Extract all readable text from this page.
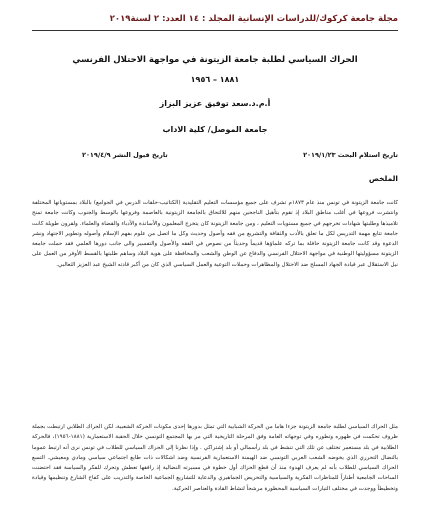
مجلة جامعة كركوك/للدراسات الإنسانية المجلد : ١٤ العدد: ٢ لسنة٢٠١٩
الحراك السياسي لطلبة جامعة الزيتونة في مواجهة الاحتلال الفرنسي
١٨٨١ – ١٩٥٦
أ.م.د.سعد توفيق عزيز البزاز
جامعة الموصل/ كلية الاداب
تاريخ استلام البحث ٢٠١٩/١/٢٣
تاريخ قبول النشر ٢٠١٩/٤/٩
الملخص

كانت جامعة الزيتونة في تونس منذ عام ١٨٧٣م تشرف على جميع مؤسسات التعليم التقليدية (الكتاتيب-حلقات الدرس في الجوامع) بالبلاد بمستوياتها المختلفة وانتشرت فروعها في أغلب مناطق البلاد إذ تقوم بتأهيل الناجحين منهم للالتحاق بالجامعة الزيتونية بالعاصمة وفروعها بالوسط والجنوب وكانت جامعة تمنح تلاميذها وطلبتها شهادات تخرجهم في جميع مستويات التعليم ، ومن جامعة الزيتونة كان يتخرج المعلمون والأساتذة والأدباء والقضاة والعلماء. ولقرون طويلة كانت جامعة تتابع مهمة التدريس لكل ما تعلق بالأدب والثقافة والتشريع من فقه وأصول وحديث وكل ما اتصل من علوم بفهم الإسلام وأصوله وتطوير الاجتهاد ونشر الدعوة وقد كانت جامعة الزيتونة حافلة بما تركه علماؤها قديماً وحديثاً من نصوص في الفقه والأصول والتفسير والى جانب دورها العلمي فقد حملت جامعة الزيتونة مسؤوليتها الوطنية في مواجهة الاحتلال الفرنسي والدفاع عن الوطن والشعب والمحافظة على هوية البلاد وساهم طلبتها بالقسط الأوفر من العمل على نيل الاستقلال عبر قيادة الجهاد المسلح ضد الاحتلال والمظاهرات وحملات التوعية والعمل السياسي الذي كان من أكبر قادته الشيخ عبد العزيز الثعالبي.

مثل الحراك السياسي لطلبة جامعة الزيتونة جزءا هاما من الحركة الشبابية التي تمثل بدورها إحدى مكونات الحركة الشعبية، لكن الحراك الطلابي ارتبطت بجملة ظروف تحكمت في ظهوره وتطوره وفي توجهاته العامة وفق المرحلة التاريخية التي مر بها المجتمع التونسي خلال الحقبة الاستعمارية (١٨٨١-١٩٥٦)، فالحركة الطلابية في بلد مستعمر تختلف عن تلك التي تنشط في بلد رأسمالي أو بلد إشتراكي . وإذا نظرنا إلى الحراك السياسي للطلاب في تونس نرى أنه ارتبط عموما بالنضال التحرري الذي يخوضه الشعب العربي التونسي ضد الهيمنة الاستعمارية الفرنسية وضد اشكالات ذات طابع اجتماعي سياسي ومادي ومعيشي. التسع الحراك السياسي للطلاب بأنه لم يعرف الهدوء منذ أن قطع الحراك أول خطوة في مسيرته النضالية إذ رافقها تعطش وتحرك للفكر والسياسة فقد احتضنت الساحات الجامعية أطناراً للمناظرات الفكرية والسياسية والتحريض الجماهيري والدعاية للتشاريع الجماعية الخاصة والتدريب على كفاح الشارع وتنظيمها وقيادة وتخطيطاً ووجدت في مختلف التيارات السياسية المحظورة مرشحاً لنشاط القادة والعناصر الحركية.
